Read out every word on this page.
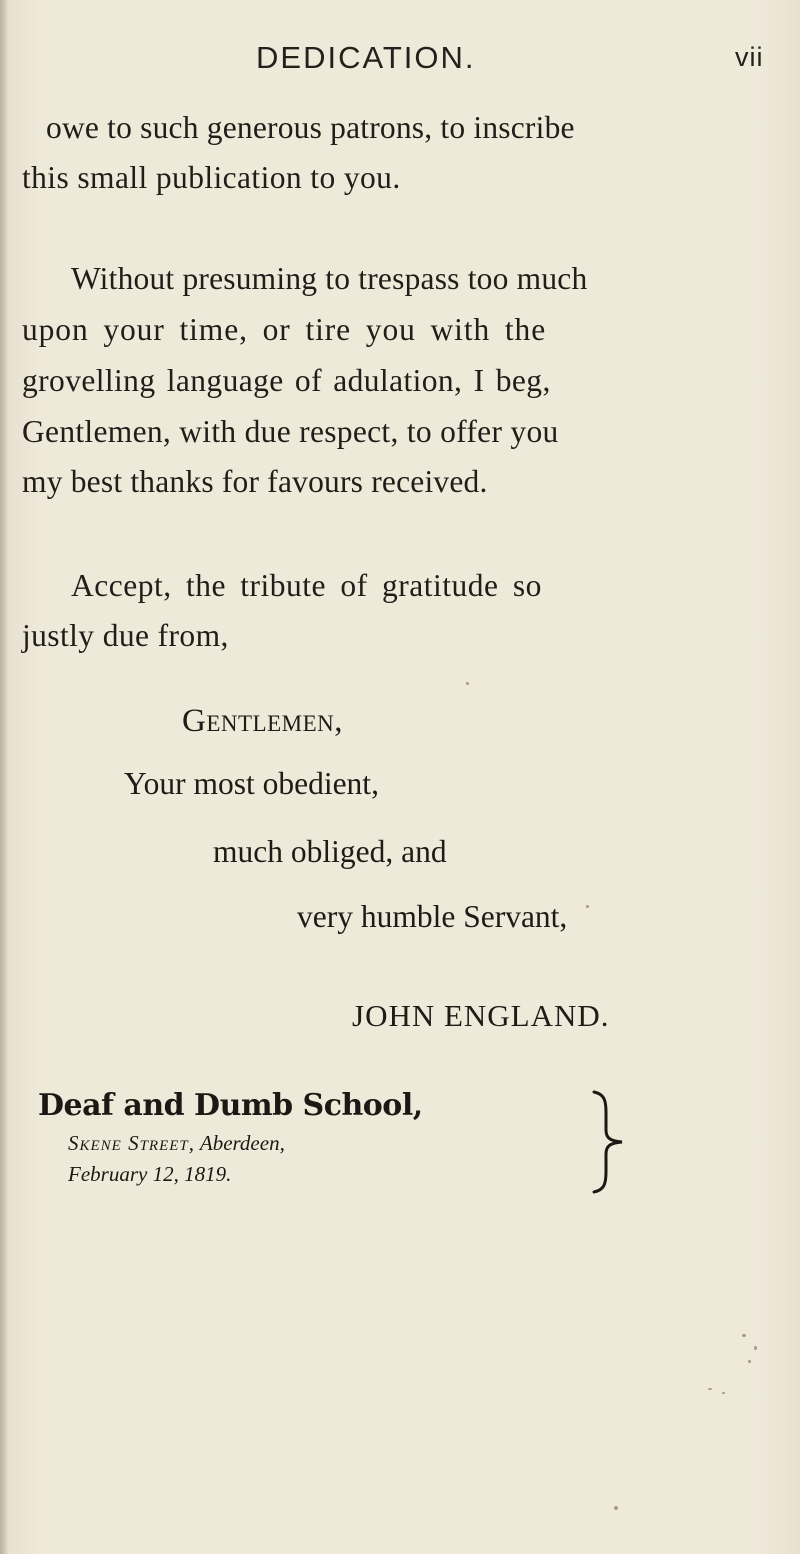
DEDICATION.	vii
owe to such generous patrons, to inscribe
this small publication to you.
Without presuming to trespass too much
upon your time, or tire you with the
grovelling language of adulation, I beg,
Gentlemen, with due respect, to offer you
my best thanks for favours received.
Accept, the tribute of gratitude so
justly due from,
Gentlemen,
Your most obedient,
much obliged, and
very humble Servant,
JOHN ENGLAND.
Deaf and Dumb School,
Skene Street, Aberdeen,
February 12, 1819.
